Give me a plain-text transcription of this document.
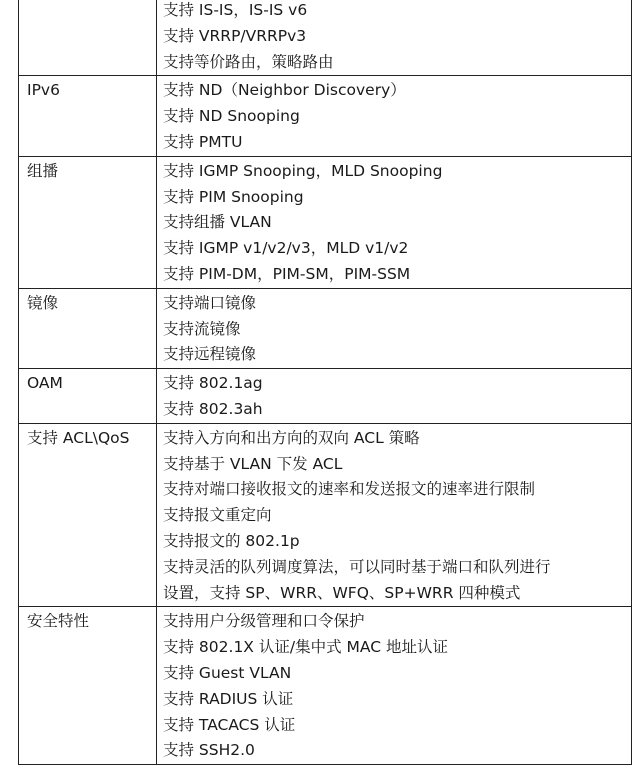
支持 IS-IS，IS-IS v6
支持 VRRP/VRRPv3
支持等价路由，策略路由
IPv6	支持 ND（Neighbor Discovery）
支持 ND Snooping
支持 PMTU
组播	支持 IGMP Snooping，MLD Snooping
支持 PIM Snooping
支持组播 VLAN
支持 IGMP v1/v2/v3，MLD v1/v2
支持 PIM-DM，PIM-SM，PIM-SSM
镜像	支持端口镜像
支持流镜像
支持远程镜像
OAM	支持 802.1ag
支持 802.3ah
支持 ACL\QoS	支持入方向和出方向的双向 ACL 策略
支持基于 VLAN 下发 ACL
支持对端口接收报文的速率和发送报文的速率进行限制
支持报文重定向
支持报文的 802.1p
支持灵活的队列调度算法，可以同时基于端口和队列进行
设置，支持 SP、WRR、WFQ、SP+WRR 四种模式
安全特性	支持用户分级管理和口令保护
支持 802.1X 认证/集中式 MAC 地址认证
支持 Guest VLAN
支持 RADIUS 认证
支持 TACACS 认证
支持 SSH2.0
